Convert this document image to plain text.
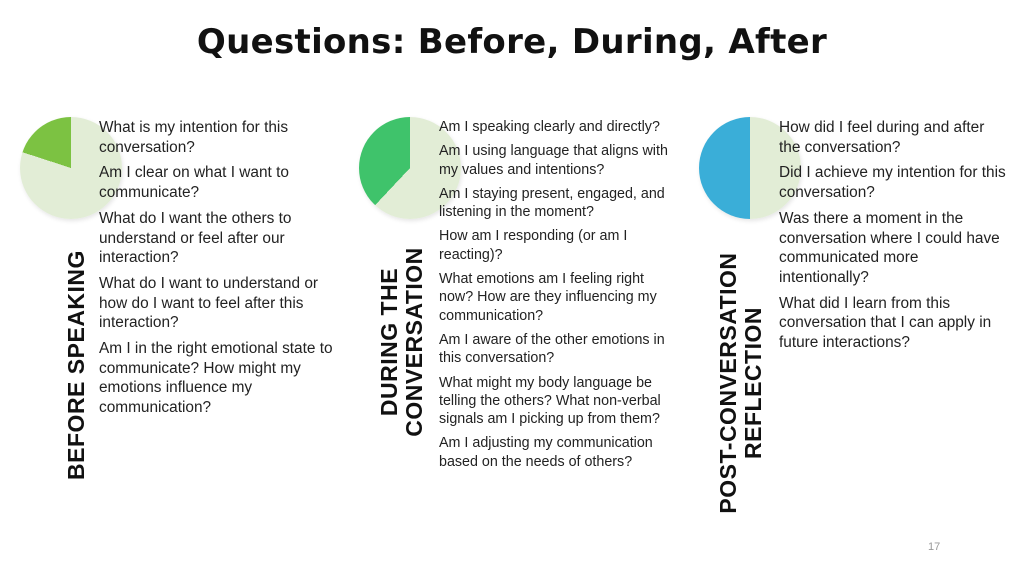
Questions: Before, During, After
BEFORE SPEAKING
What is my intention for this conversation?
Am I clear on what I want to communicate?
What do I want the others to understand or feel after our interaction?
What do I want to understand or how do I want to feel after this interaction?
Am I in the right emotional state to communicate? How might my emotions influence my communication?	DURING THE CONVERSATION
Am I speaking clearly and directly?
Am I using language that aligns with my values and intentions?
Am I staying present, engaged, and listening in the moment?
How am I responding (or am I reacting)?
What emotions am I feeling right now? How are they influencing my communication?
Am I aware of the other emotions in this conversation?
What might my body language be telling the others? What non-verbal signals am I picking up from them?
Am I adjusting my communication based on the needs of others?	POST-CONVERSATION REFLECTION
How did I feel during and after the conversation?
Did I achieve my intention for this conversation?
Was there a moment in the conversation where I could have communicated more intentionally?
What did I learn from this conversation that I can apply in future interactions?
17
